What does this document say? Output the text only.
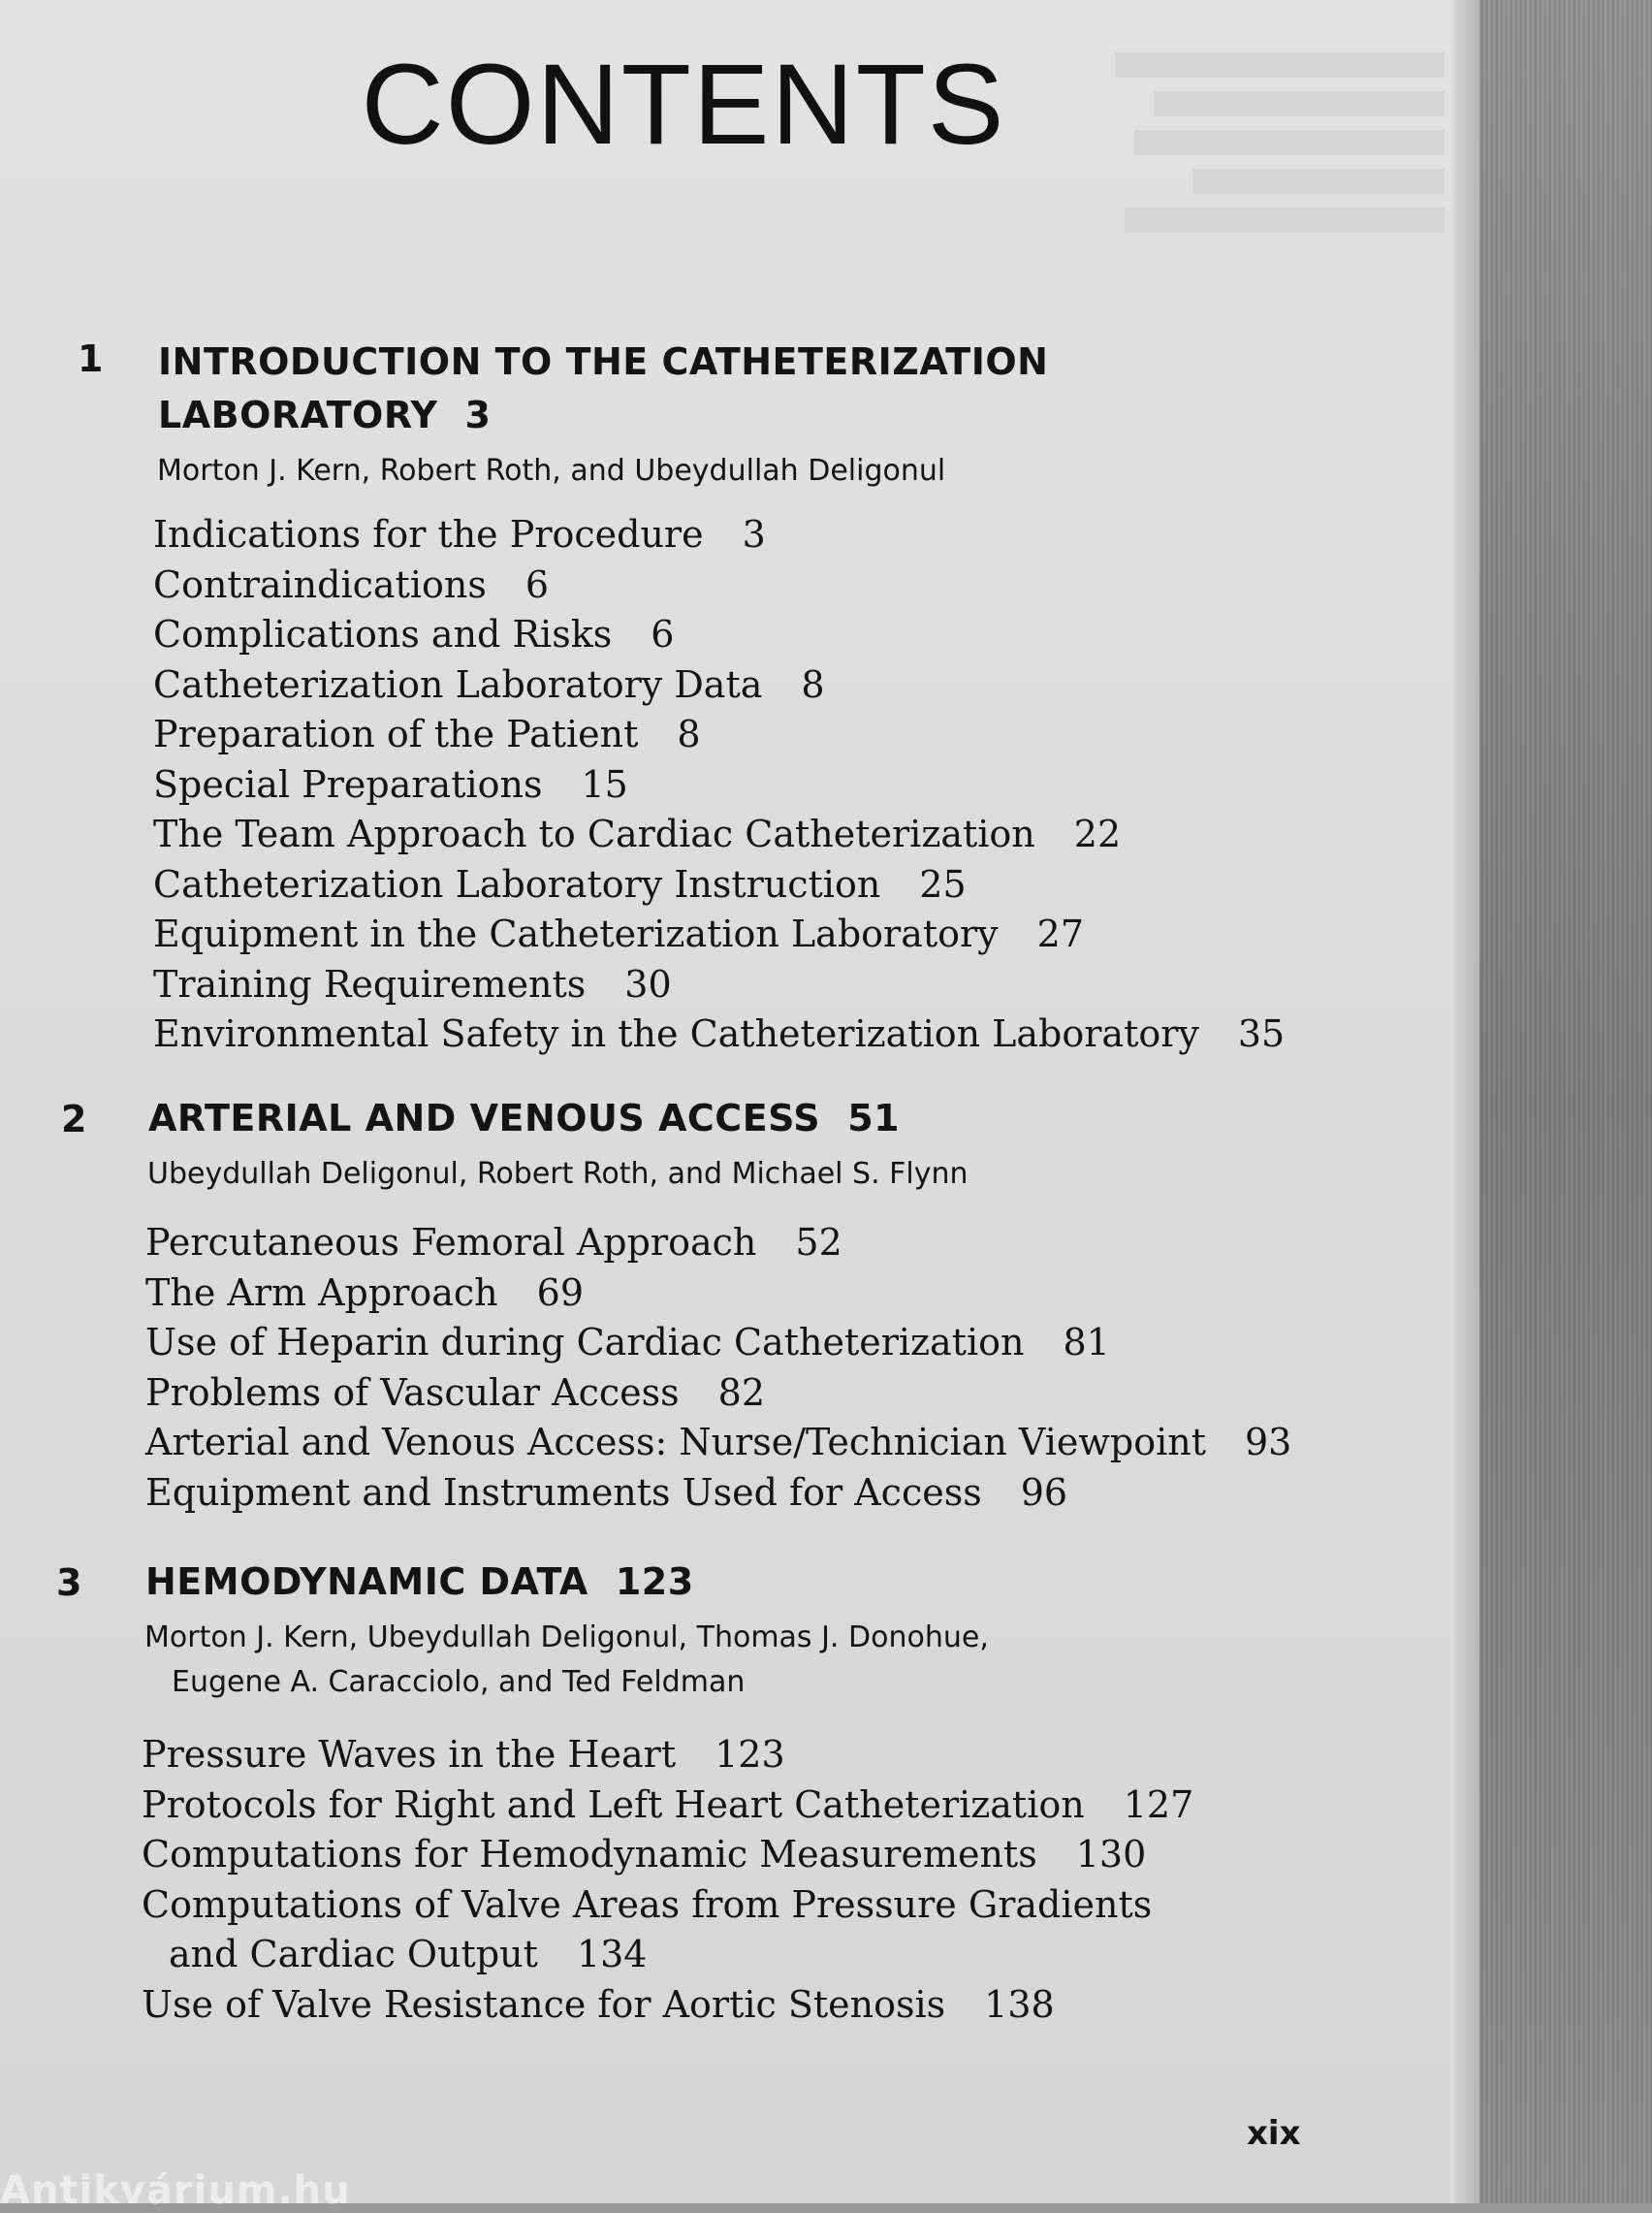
CONTENTS
1 INTRODUCTION TO THE CATHETERIZATION
LABORATORY 3
Morton J. Kern, Robert Roth, and Ubeydullah Deligonul
Indications for the Procedure 3
Contraindications 6
Complications and Risks 6
Catheterization Laboratory Data 8
Preparation of the Patient 8
Special Preparations 15
The Team Approach to Cardiac Catheterization 22
Catheterization Laboratory Instruction 25
Equipment in the Catheterization Laboratory 27
Training Requirements 30
Environmental Safety in the Catheterization Laboratory 35
2 ARTERIAL AND VENOUS ACCESS 51
Ubeydullah Deligonul, Robert Roth, and Michael S. Flynn
Percutaneous Femoral Approach 52
The Arm Approach 69
Use of Heparin during Cardiac Catheterization 81
Problems of Vascular Access 82
Arterial and Venous Access: Nurse/Technician Viewpoint 93
Equipment and Instruments Used for Access 96
3 HEMODYNAMIC DATA 123
Morton J. Kern, Ubeydullah Deligonul, Thomas J. Donohue,
Eugene A. Caracciolo, and Ted Feldman
Pressure Waves in the Heart 123
Protocols for Right and Left Heart Catheterization 127
Computations for Hemodynamic Measurements 130
Computations of Valve Areas from Pressure Gradients
and Cardiac Output 134
Use of Valve Resistance for Aortic Stenosis 138
xix
Antikvárium.hu
